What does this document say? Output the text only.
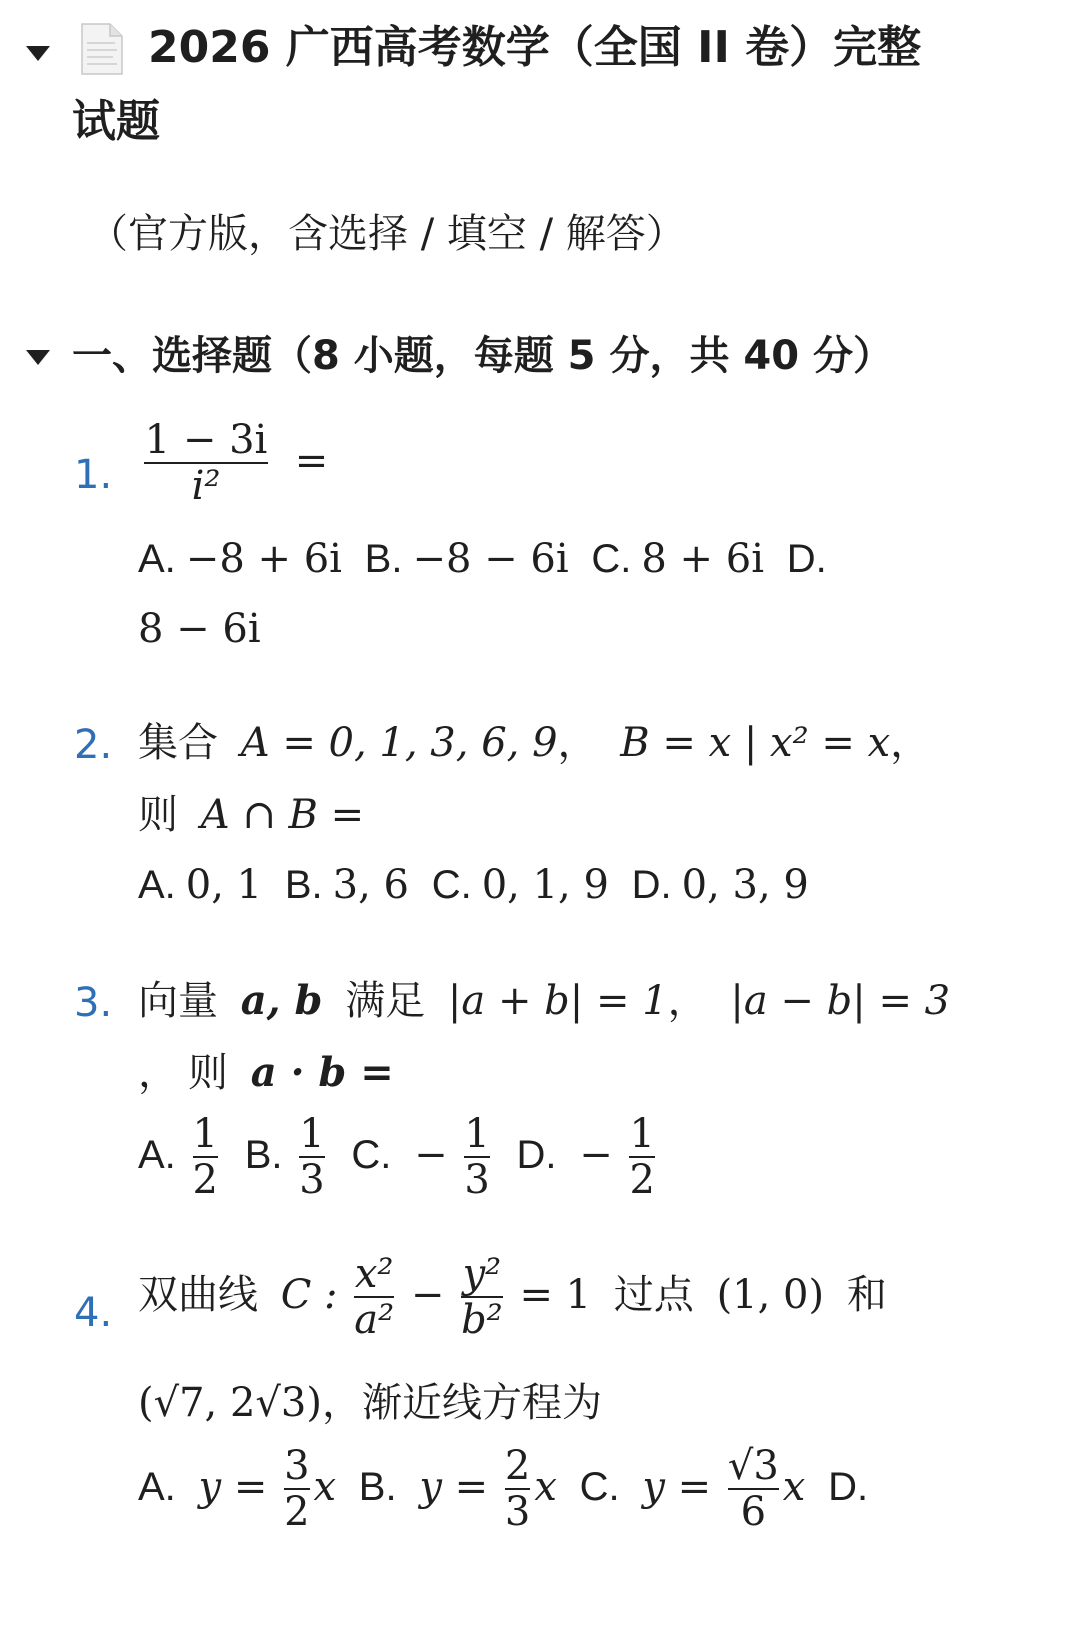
2026 广西高考数学（全国 II 卷）完整
试题
（官方版，含选择 / 填空 / 解答）
一、选择题（8 小题，每题 5 分，共 40 分）
1. $\frac{1 - 3i}{\text{i²}}$ =
A. −8 + 6i B. −8 − 6i C. 8 + 6i D.
8 − 6i
2. 集合 A = 0, 1, 3, 6, 9， B = x | x² = x，
则 A ∩ B =
A. 0, 1 B. 3, 6 C. 0, 1, 9 D. 0, 3, 9
3. 向量 a, b 满足 |a + b| = 1， |a − b| = 3
， 则 a · b =
A. $\frac{1}{2} B$. $\frac{1}{3} C$. − $\frac{1}{3} D$. − $\frac{1}{2}$
4. 双曲线 C : $\frac{\text{x²}}{\text{a²}} - \frac{\text{y²}}{\text{b²}} = 1$ 过点 (1, 0) 和
(√7, 2√3)，渐近线方程为
A. $y = \frac{3}{2}$ x B. $y = \frac{2}{3}$ x C. $y = \frac{√3}{6}$ x D.
